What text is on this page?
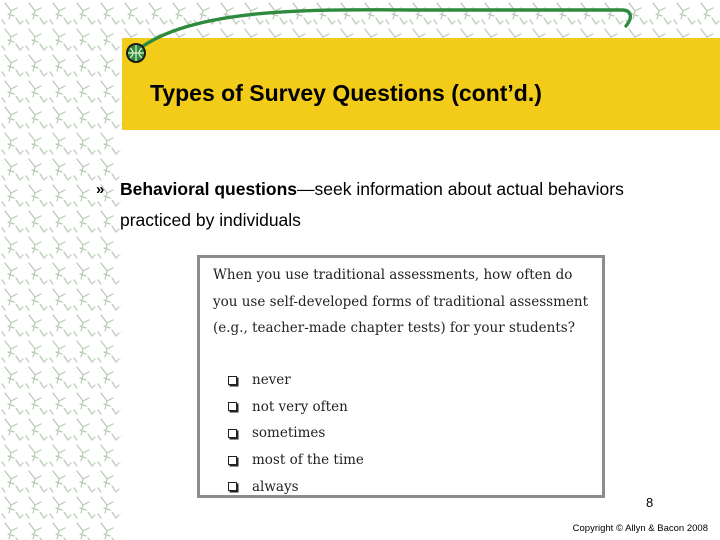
Types of Survey Questions (cont’d.)
» Behavioral questions—seek information about actual behaviors practiced by individuals
When you use traditional assessments, how often do you use self-developed forms of traditional assessment (e.g., teacher-made chapter tests) for your students?
never
not very often
sometimes
most of the time
always
8
Copyright © Allyn & Bacon 2008
